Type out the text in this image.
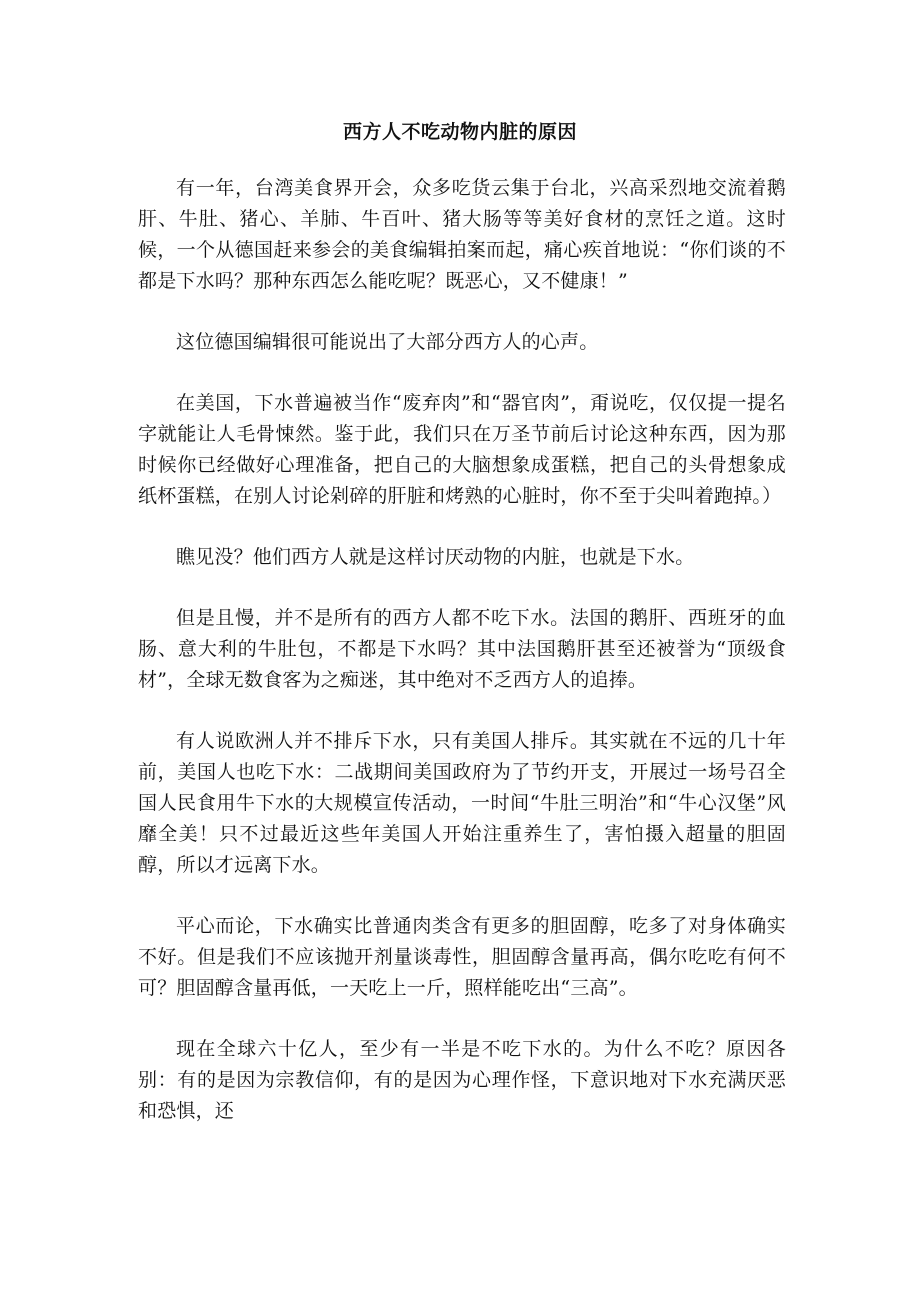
西方人不吃动物内脏的原因

有一年，台湾美食界开会，众多吃货云集于台北，兴高采烈地交流着鹅肝、牛肚、猪心、羊肺、牛百叶、猪大肠等等美好食材的烹饪之道。这时候，一个从德国赶来参会的美食编辑拍案而起，痛心疾首地说：“你们谈的不都是下水吗？那种东西怎么能吃呢？既恶心，又不健康！”

这位德国编辑很可能说出了大部分西方人的心声。

在美国，下水普遍被当作“废弃肉”和“器官肉”，甭说吃，仅仅提一提名字就能让人毛骨悚然。鉴于此，我们只在万圣节前后讨论这种东西，因为那时候你已经做好心理准备，把自己的大脑想象成蛋糕，把自己的头骨想象成纸杯蛋糕，在别人讨论剁碎的肝脏和烤熟的心脏时，你不至于尖叫着跑掉。）

瞧见没？他们西方人就是这样讨厌动物的内脏，也就是下水。

但是且慢，并不是所有的西方人都不吃下水。法国的鹅肝、西班牙的血肠、意大利的牛肚包，不都是下水吗？其中法国鹅肝甚至还被誉为“顶级食材”，全球无数食客为之痴迷，其中绝对不乏西方人的追捧。

有人说欧洲人并不排斥下水，只有美国人排斥。其实就在不远的几十年前，美国人也吃下水：二战期间美国政府为了节约开支，开展过一场号召全国人民食用牛下水的大规模宣传活动，一时间“牛肚三明治”和“牛心汉堡”风靡全美！只不过最近这些年美国人开始注重养生了，害怕摄入超量的胆固醇，所以才远离下水。

平心而论，下水确实比普通肉类含有更多的胆固醇，吃多了对身体确实不好。但是我们不应该抛开剂量谈毒性，胆固醇含量再高，偶尔吃吃有何不可？胆固醇含量再低，一天吃上一斤，照样能吃出“三高”。

现在全球六十亿人，至少有一半是不吃下水的。为什么不吃？原因各别：有的是因为宗教信仰，有的是因为心理作怪，下意识地对下水充满厌恶和恐惧，还
